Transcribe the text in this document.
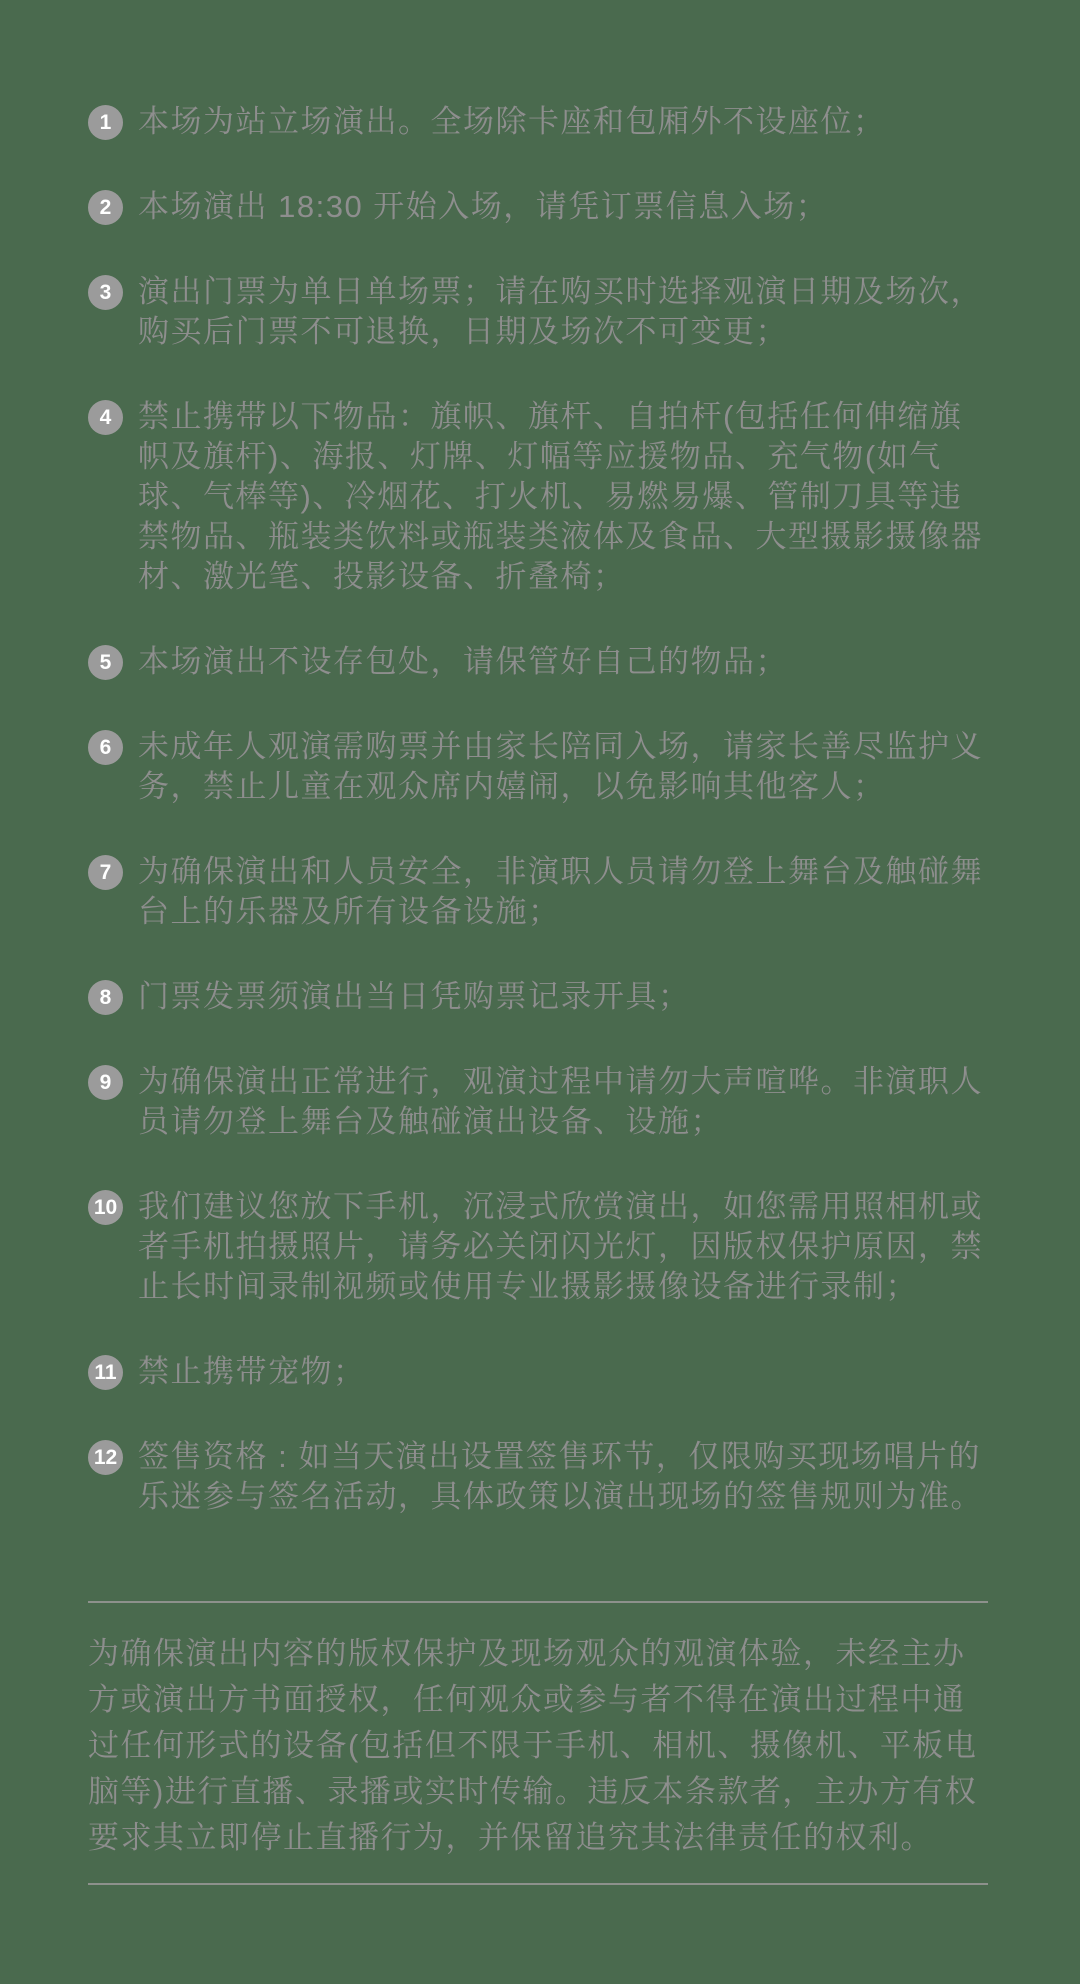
1 本场为站立场演出。全场除卡座和包厢外不设座位；
2 本场演出 18:30 开始入场，请凭订票信息入场；
3 演出门票为单日单场票；请在购买时选择观演日期及场次，购买后门票不可退换，日期及场次不可变更；
4 禁止携带以下物品：旗帜、旗杆、自拍杆(包括任何伸缩旗帜及旗杆)、海报、灯牌、灯幅等应援物品、充气物(如气球、气棒等)、冷烟花、打火机、易燃易爆、管制刀具等违禁物品、瓶装类饮料或瓶装类液体及食品、大型摄影摄像器材、激光笔、投影设备、折叠椅；
5 本场演出不设存包处，请保管好自己的物品；
6 未成年人观演需购票并由家长陪同入场，请家长善尽监护义务，禁止儿童在观众席内嬉闹，以免影响其他客人；
7 为确保演出和人员安全，非演职人员请勿登上舞台及触碰舞台上的乐器及所有设备设施；
8 门票发票须演出当日凭购票记录开具；
9 为确保演出正常进行，观演过程中请勿大声喧哗。非演职人员请勿登上舞台及触碰演出设备、设施；
10 我们建议您放下手机，沉浸式欣赏演出，如您需用照相机或者手机拍摄照片，请务必关闭闪光灯，因版权保护原因，禁止长时间录制视频或使用专业摄影摄像设备进行录制；
11 禁止携带宠物；
12 签售资格 : 如当天演出设置签售环节，仅限购买现场唱片的乐迷参与签名活动，具体政策以演出现场的签售规则为准。

为确保演出内容的版权保护及现场观众的观演体验，未经主办方或演出方书面授权，任何观众或参与者不得在演出过程中通过任何形式的设备(包括但不限于手机、相机、摄像机、平板电脑等)进行直播、录播或实时传输。违反本条款者，主办方有权要求其立即停止直播行为，并保留追究其法律责任的权利。
